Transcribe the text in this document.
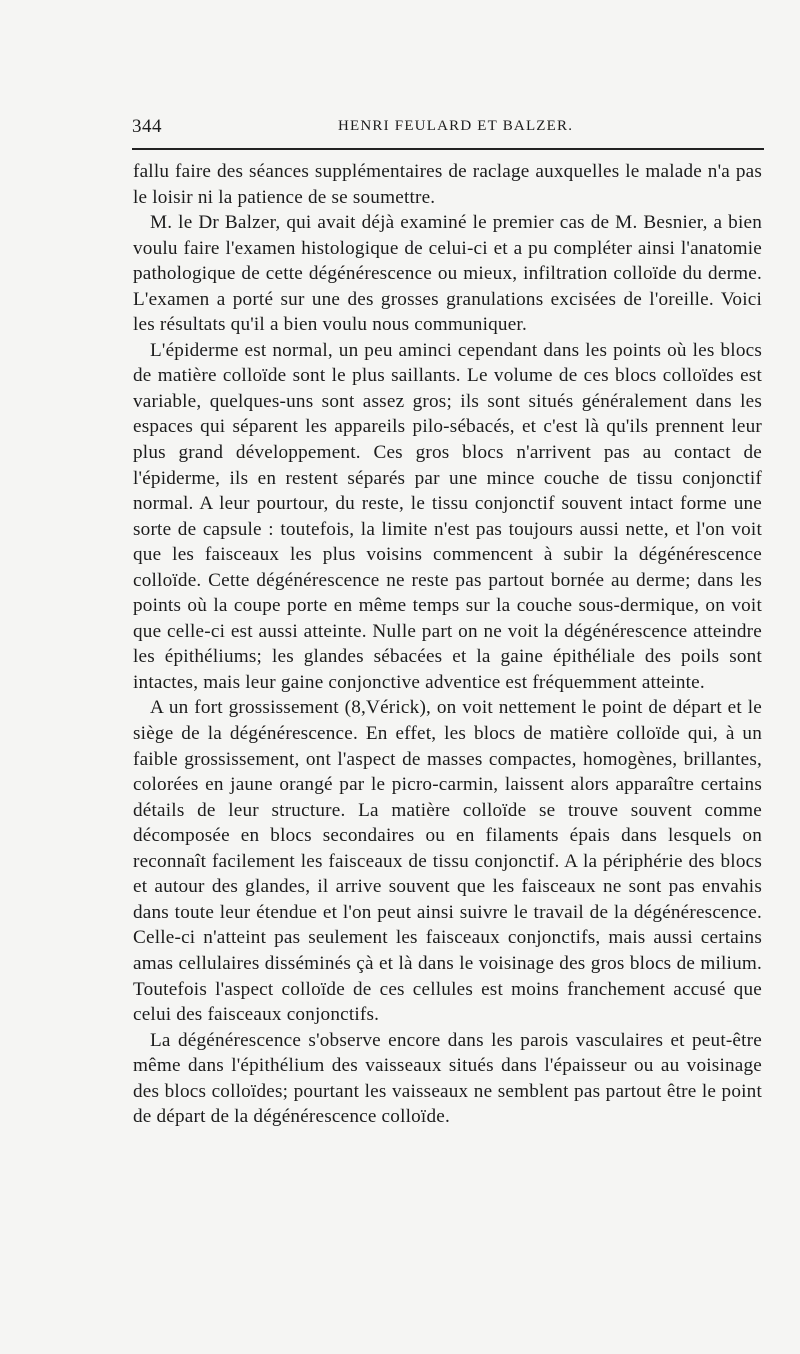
344	HENRI FEULARD ET BALZER.

fallu faire des séances supplémentaires de raclage auxquelles le malade n'a pas le loisir ni la patience de se soumettre.

M. le Dr Balzer, qui avait déjà examiné le premier cas de M. Besnier, a bien voulu faire l'examen histologique de celui-ci et a pu compléter ainsi l'anatomie pathologique de cette dégénérescence ou mieux, infiltration colloïde du derme. L'examen a porté sur une des grosses granulations excisées de l'oreille. Voici les résultats qu'il a bien voulu nous communiquer.

L'épiderme est normal, un peu aminci cependant dans les points où les blocs de matière colloïde sont le plus saillants. Le volume de ces blocs colloïdes est variable, quelques-uns sont assez gros; ils sont situés généralement dans les espaces qui séparent les appareils pilo-sébacés, et c'est là qu'ils prennent leur plus grand développement. Ces gros blocs n'arrivent pas au contact de l'épiderme, ils en restent séparés par une mince couche de tissu conjonctif normal. A leur pourtour, du reste, le tissu conjonctif souvent intact forme une sorte de capsule : toutefois, la limite n'est pas toujours aussi nette, et l'on voit que les faisceaux les plus voisins commencent à subir la dégénérescence colloïde. Cette dégénérescence ne reste pas partout bornée au derme; dans les points où la coupe porte en même temps sur la couche sous-dermique, on voit que celle-ci est aussi atteinte. Nulle part on ne voit la dégénérescence atteindre les épithéliums; les glandes sébacées et la gaine épithéliale des poils sont intactes, mais leur gaine conjonctive adventice est fréquemment atteinte.

A un fort grossissement (8,Vérick), on voit nettement le point de départ et le siège de la dégénérescence. En effet, les blocs de matière colloïde qui, à un faible grossissement, ont l'aspect de masses compactes, homogènes, brillantes, colorées en jaune orangé par le picro-carmin, laissent alors apparaître certains détails de leur structure. La matière colloïde se trouve souvent comme décomposée en blocs secondaires ou en filaments épais dans lesquels on reconnaît facilement les faisceaux de tissu conjonctif. A la périphérie des blocs et autour des glandes, il arrive souvent que les faisceaux ne sont pas envahis dans toute leur étendue et l'on peut ainsi suivre le travail de la dégénérescence. Celle-ci n'atteint pas seulement les faisceaux conjonctifs, mais aussi certains amas cellulaires disséminés çà et là dans le voisinage des gros blocs de milium. Toutefois l'aspect colloïde de ces cellules est moins franchement accusé que celui des faisceaux conjonctifs.

La dégénérescence s'observe encore dans les parois vasculaires et peut-être même dans l'épithélium des vaisseaux situés dans l'épaisseur ou au voisinage des blocs colloïdes; pourtant les vaisseaux ne semblent pas partout être le point de départ de la dégénérescence colloïde.
